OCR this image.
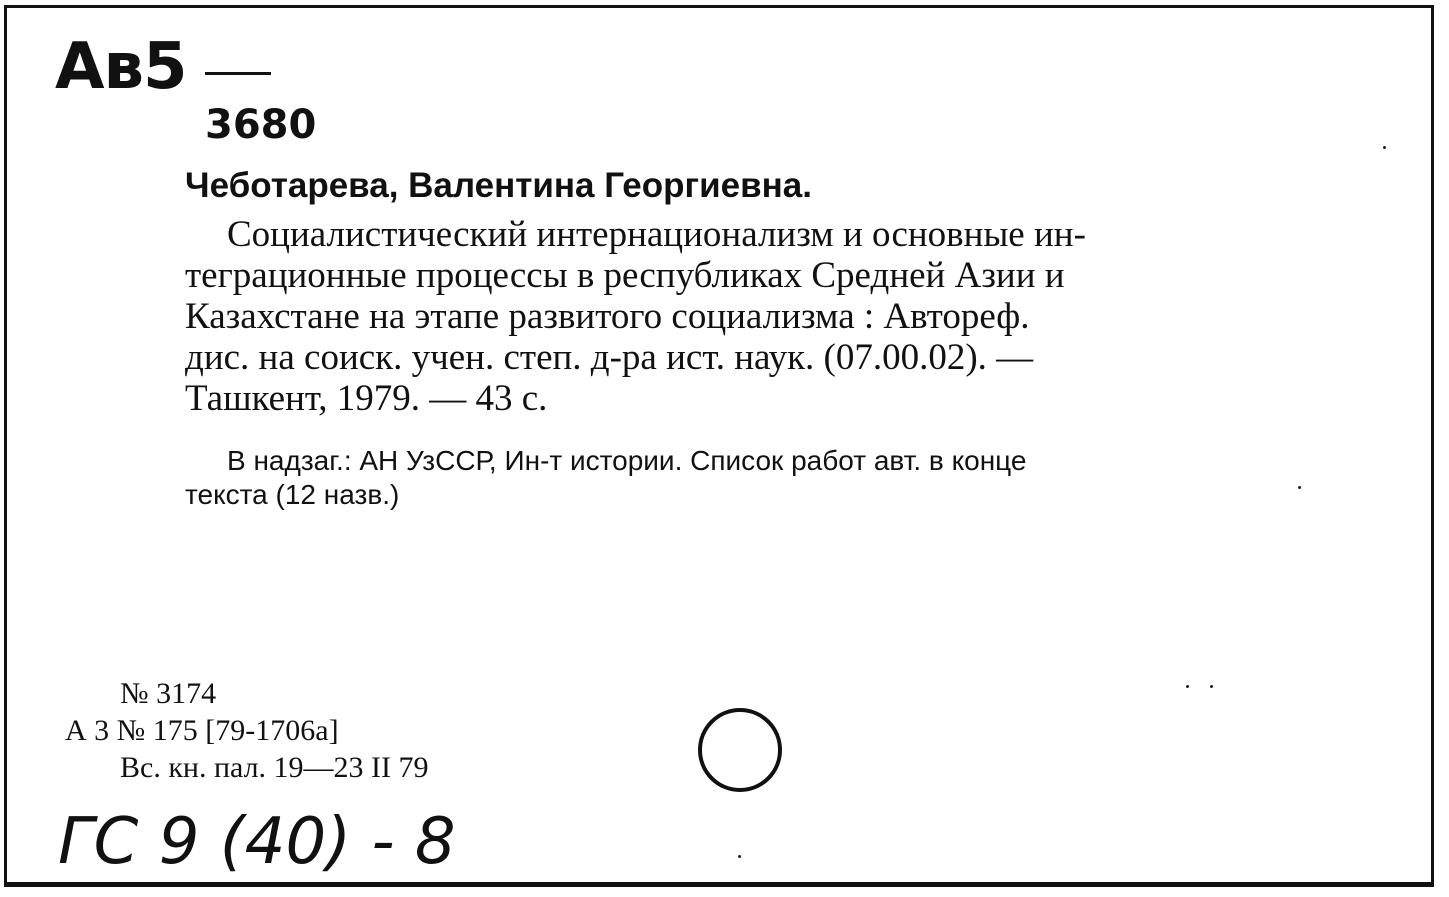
Ав5
3680
Чеботарева, Валентина Георгиевна.
Социалистический интернационализм и основные ин-
теграционные процессы в республиках Средней Азии и
Казахстане на этапе развитого социализма : Автореф.
дис. на соиск. учен. степ. д-ра ист. наук. (07.00.02). —
Ташкент, 1979. — 43 с.
В надзаг.: АН УзССР, Ин-т истории. Список работ авт. в конце
текста (12 назв.)
№ 3174
А 3 № 175 [79-1706а]
Вс. кн. пал. 19—23 II 79
ГС 9 (40) - 8
